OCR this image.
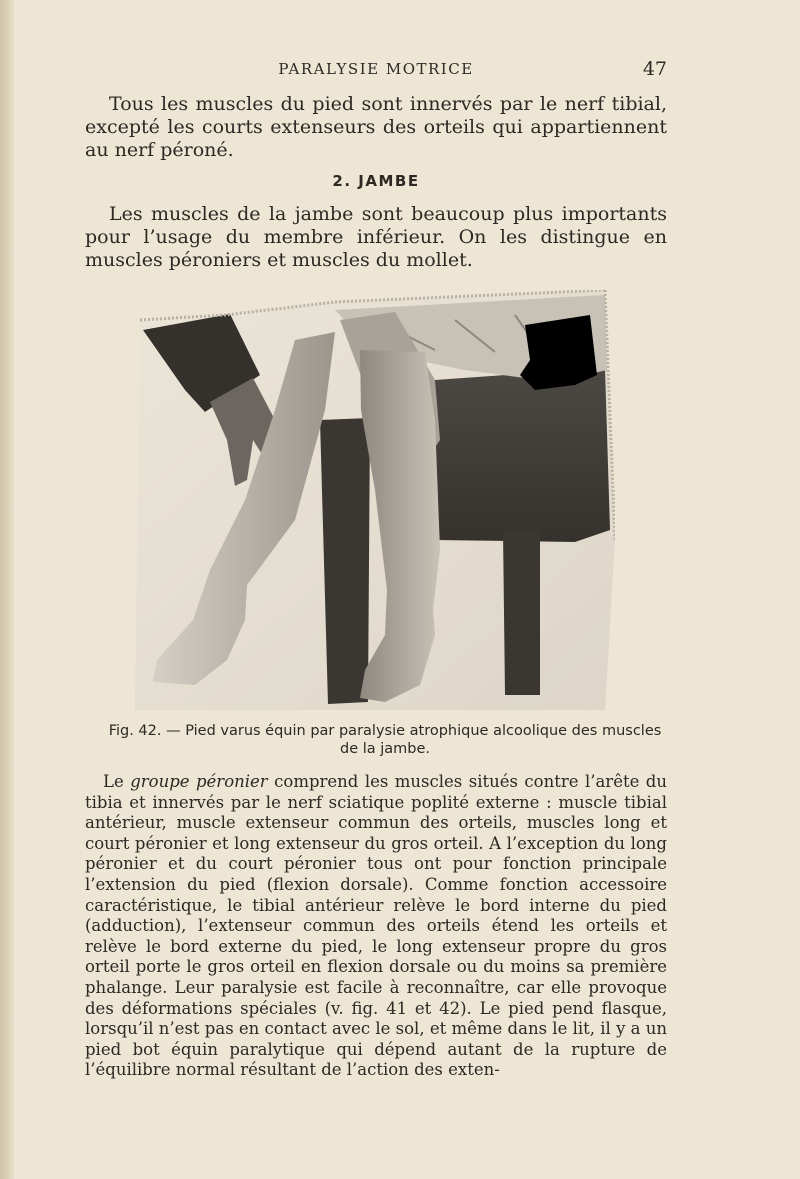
PARALYSIE MOTRICE	47

Tous les muscles du pied sont innervés par le nerf tibial, excepté les courts extenseurs des orteils qui appartiennent au nerf péroné.

2. JAMBE

Les muscles de la jambe sont beaucoup plus importants pour l’usage du membre inférieur. On les distingue en muscles péroniers et muscles du mollet.

Fig. 42. — Pied varus équin par paralysie atrophique alcoolique des muscles de la jambe.

Le groupe péronier comprend les muscles situés contre l’arête du tibia et innervés par le nerf sciatique poplité externe : muscle tibial antérieur, muscle extenseur commun des orteils, muscles long et court péronier et long extenseur du gros orteil. A l’exception du long péronier et du court péronier tous ont pour fonction principale l’extension du pied (flexion dorsale). Comme fonction accessoire caractéristique, le tibial antérieur relève le bord interne du pied (adduction), l’extenseur commun des orteils étend les orteils et relève le bord externe du pied, le long extenseur propre du gros orteil porte le gros orteil en flexion dorsale ou du moins sa première phalange. Leur paralysie est facile à reconnaître, car elle provoque des déformations spéciales (v. fig. 41 et 42). Le pied pend flasque, lorsqu’il n’est pas en contact avec le sol, et même dans le lit, il y a un pied bot équin paralytique qui dépend autant de la rupture de l’équilibre normal résultant de l’action des exten-
